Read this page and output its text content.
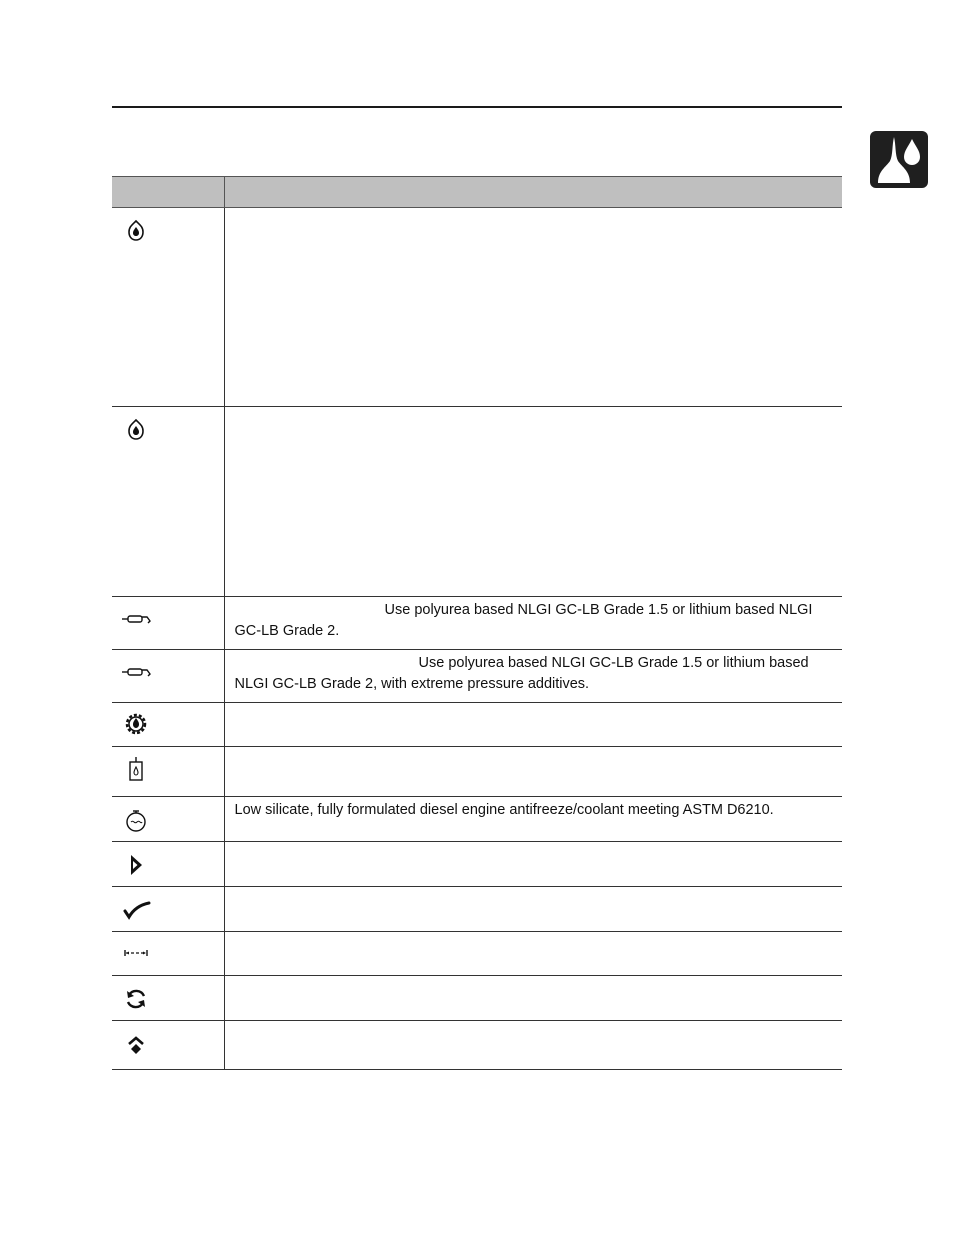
	Use polyurea based NLGI GC-LB Grade 1.5 or lithium based NLGI GC-LB Grade 2.

	Use polyurea based NLGI GC-LB Grade 1.5 or lithium based NLGI GC-LB Grade 2, with extreme pressure additives.

	Low silicate, fully formulated diesel engine antifreeze/coolant meeting ASTM D6210.
